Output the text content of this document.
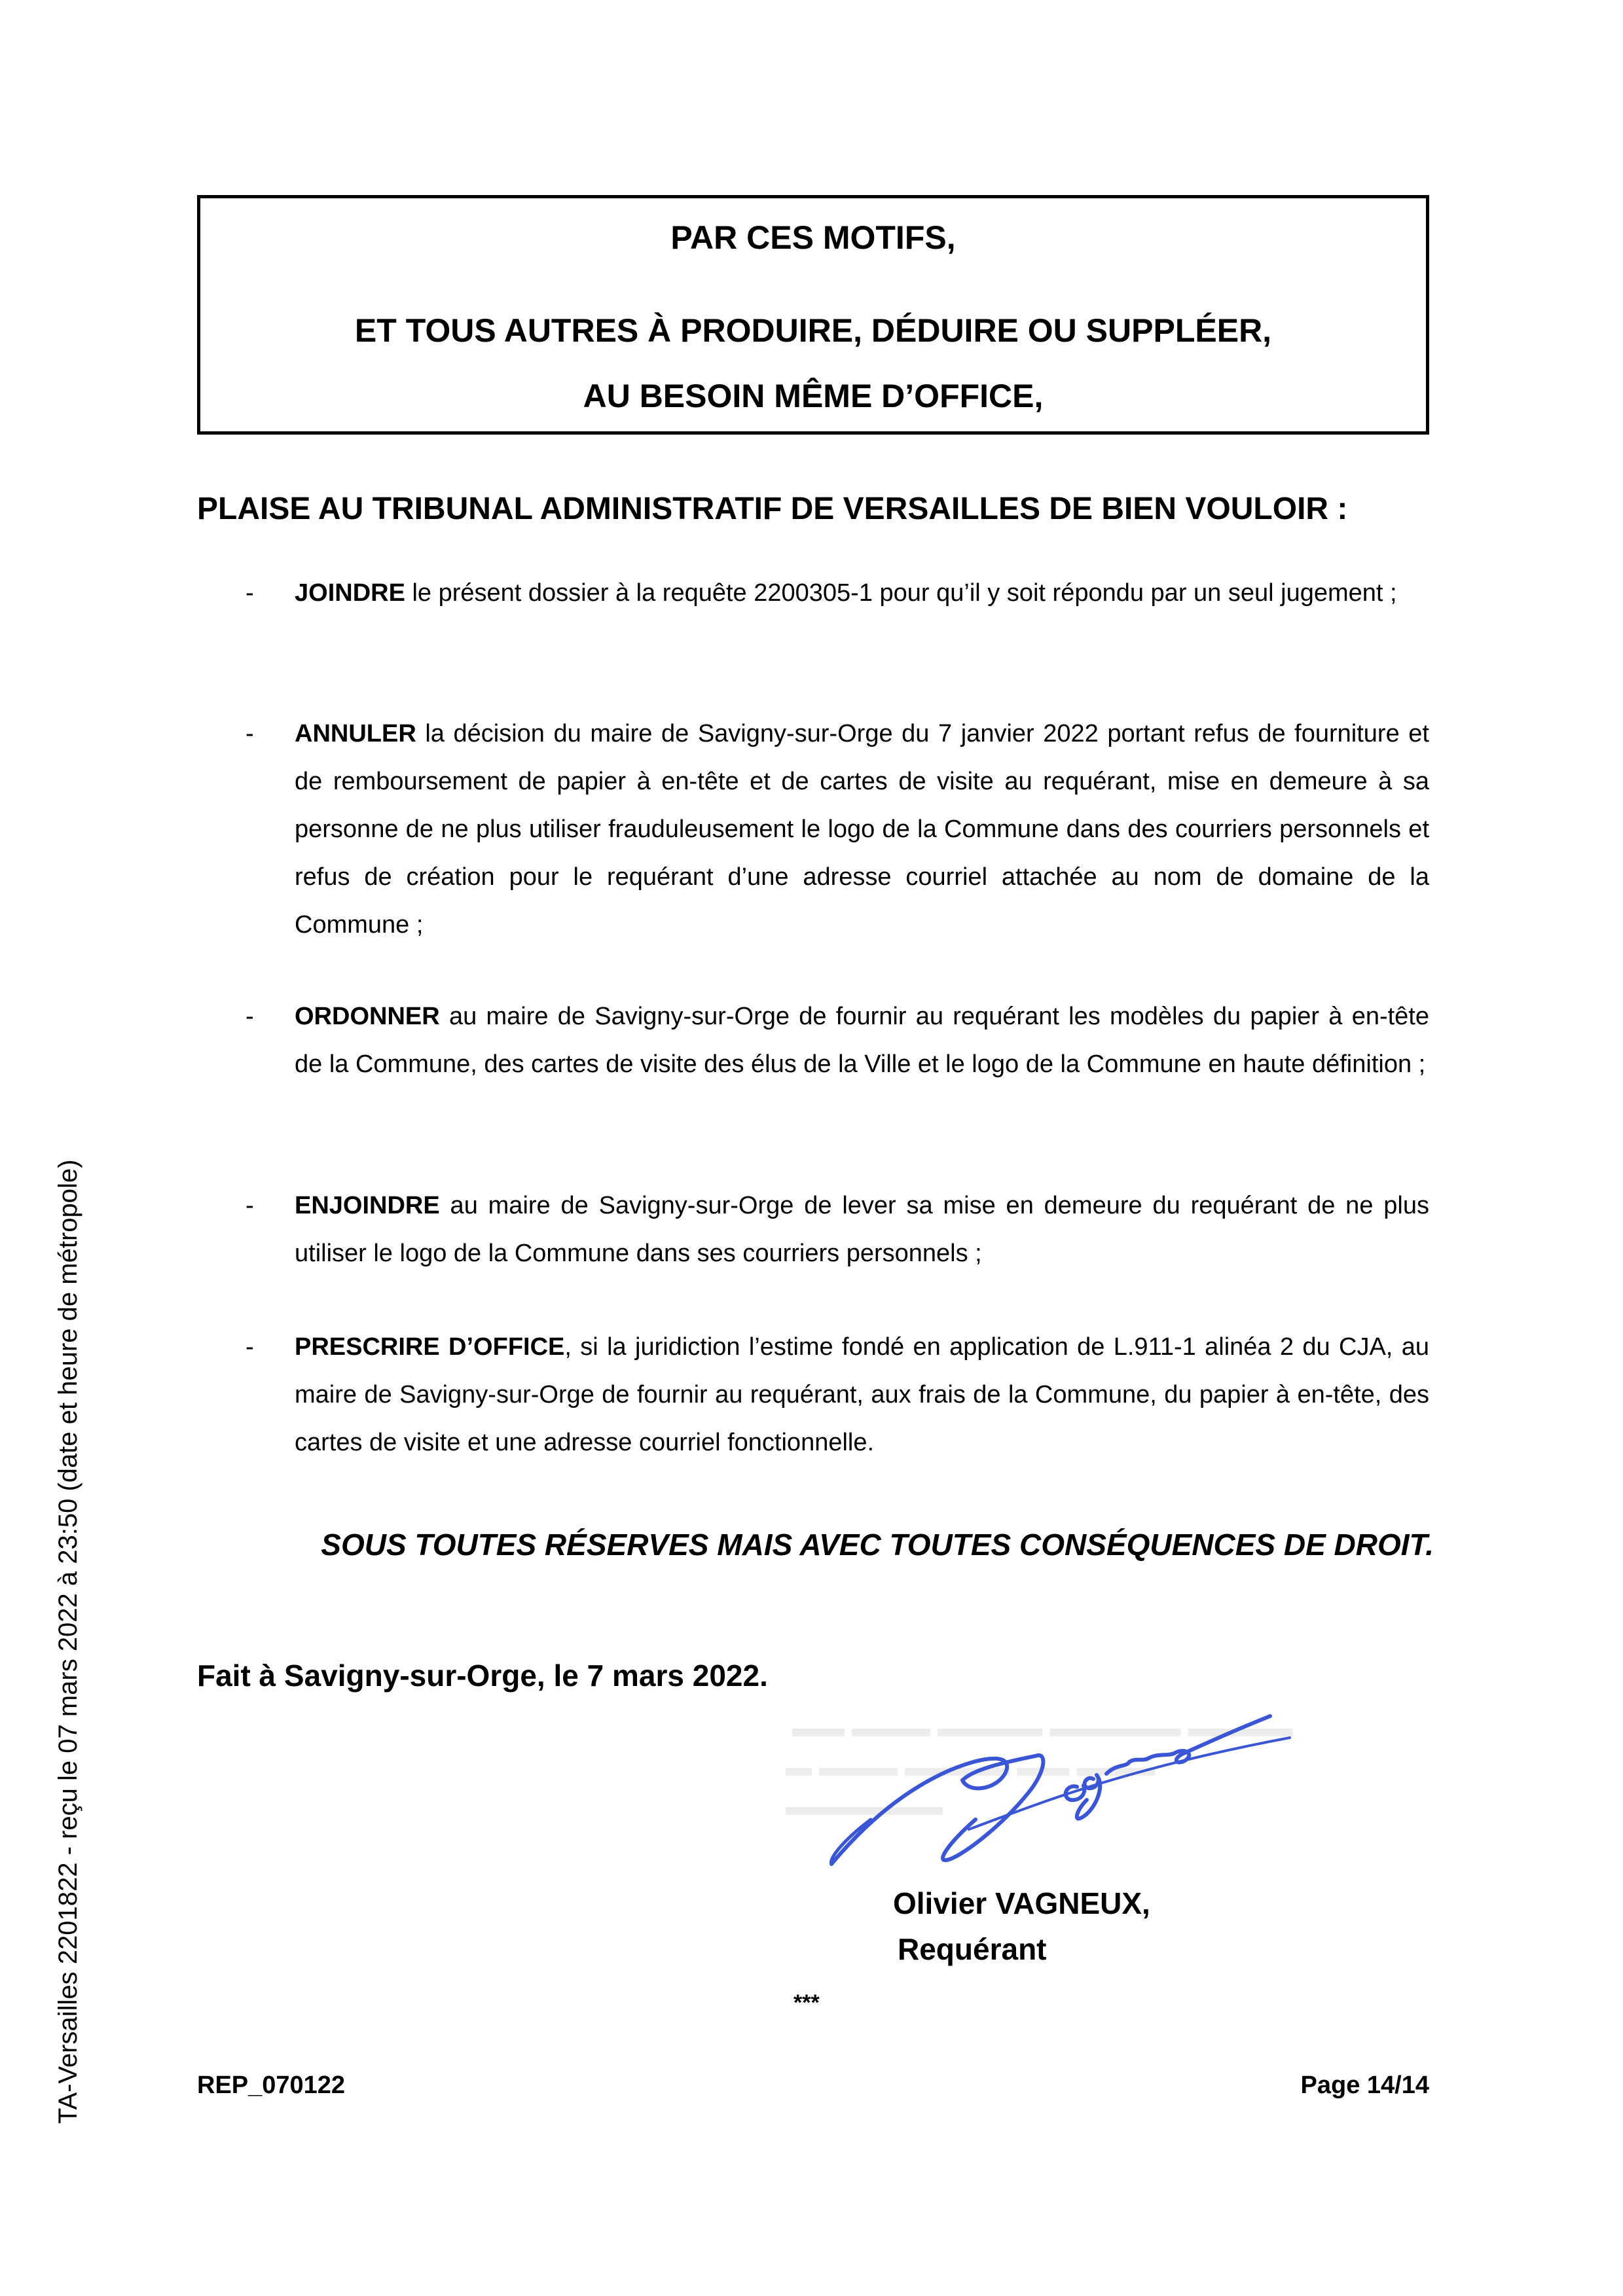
PAR CES MOTIFS,
ET TOUS AUTRES À PRODUIRE, DÉDUIRE OU SUPPLÉER,
AU BESOIN MÊME D’OFFICE,
PLAISE AU TRIBUNAL ADMINISTRATIF DE VERSAILLES DE BIEN VOULOIR :
- JOINDRE le présent dossier à la requête 2200305-1 pour qu’il y soit répondu par un seul jugement ;
- ANNULER la décision du maire de Savigny-sur-Orge du 7 janvier 2022 portant refus de fourniture et de remboursement de papier à en-tête et de cartes de visite au requérant, mise en demeure à sa personne de ne plus utiliser frauduleusement le logo de la Commune dans des courriers personnels et refus de création pour le requérant d’une adresse courriel attachée au nom de domaine de la Commune ;
- ORDONNER au maire de Savigny-sur-Orge de fournir au requérant les modèles du papier à en-tête de la Commune, des cartes de visite des élus de la Ville et le logo de la Commune en haute définition ;
- ENJOINDRE au maire de Savigny-sur-Orge de lever sa mise en demeure du requérant de ne plus utiliser le logo de la Commune dans ses courriers personnels ;
- PRESCRIRE D’OFFICE, si la juridiction l’estime fondé en application de L.911-1 alinéa 2 du CJA, au maire de Savigny-sur-Orge de fournir au requérant, aux frais de la Commune, du papier à en-tête, des cartes de visite et une adresse courriel fonctionnelle.
SOUS TOUTES RÉSERVES MAIS AVEC TOUTES CONSÉQUENCES DE DROIT.
Fait à Savigny-sur-Orge, le 7 mars 2022.
▬▬ ▬▬▬ ▬▬▬▬ ▬▬▬▬▬ ▬▬▬▬
▬ ▬▬▬ ▬▬▬▬ ▬▬ ▬▬▬ ▬▬▬▬▬▬
Olivier VAGNEUX,
Requérant
***
REP_070122	Page 14/14
TA-Versailles 2201822 - reçu le 07 mars 2022 à 23:50 (date et heure de métropole)
